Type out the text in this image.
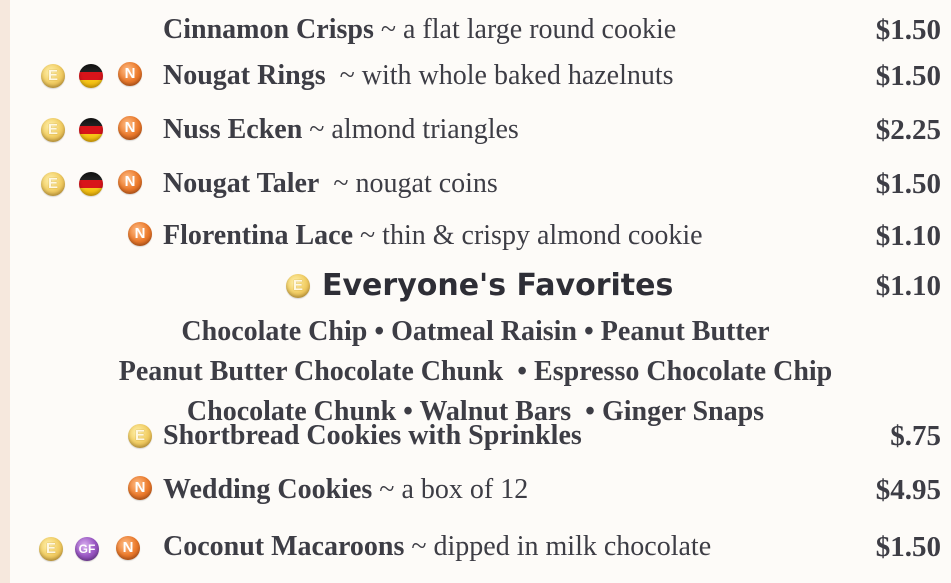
Cinnamon Crisps ~ a flat large round cookie	$1.50
E	N Nougat Rings  ~ with whole baked hazelnuts	$1.50
E	N Nuss Ecken ~ almond triangles	$2.25
E	N Nougat Taler  ~ nougat coins	$1.50
N Florentina Lace ~ thin & crispy almond cookie	$1.10
E Everyone's Favorites	$1.10
Chocolate Chip • Oatmeal Raisin • Peanut Butter
Peanut Butter Chocolate Chunk  • Espresso Chocolate Chip
Chocolate Chunk • Walnut Bars  • Ginger Snaps
E Shortbread Cookies with Sprinkles	$.75
N Wedding Cookies ~ a box of 12	$4.95
E	GF	N Coconut Macaroons ~ dipped in milk chocolate	$1.50
